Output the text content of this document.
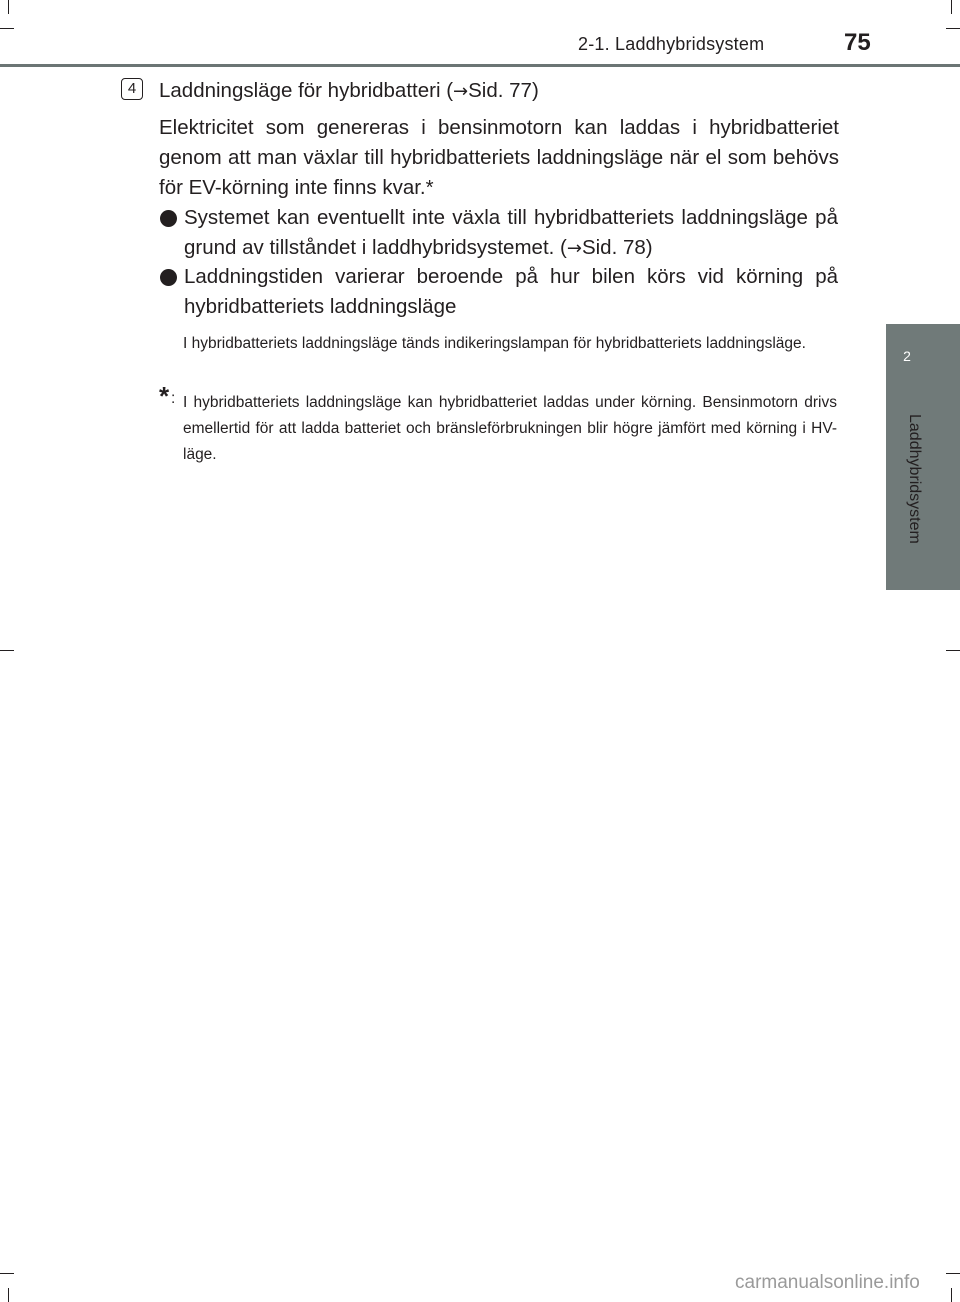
2-1. Laddhybridsystem	75
2
Laddhybridsystem
4	Laddningsläge för hybridbatteri (→Sid. 77)

Elektricitet som genereras i bensinmotorn kan laddas i hybridbatteriet genom att man växlar till hybridbatteriets laddningsläge när el som behövs för EV-körning inte finns kvar.*

Systemet kan eventuellt inte växla till hybridbatteriets laddningsläge på grund av tillståndet i laddhybridsystemet. (→Sid. 78)

Laddningstiden varierar beroende på hur bilen körs vid körning på hybridbatteriets laddningsläge

I hybridbatteriets laddningsläge tänds indikeringslampan för hybridbatteriets laddningsläge.

* : I hybridbatteriets laddningsläge kan hybridbatteriet laddas under körning. Bensinmotorn drivs emellertid för att ladda batteriet och bränsleförbrukningen blir högre jämfört med körning i HV-läge.

carmanualsonline.info
